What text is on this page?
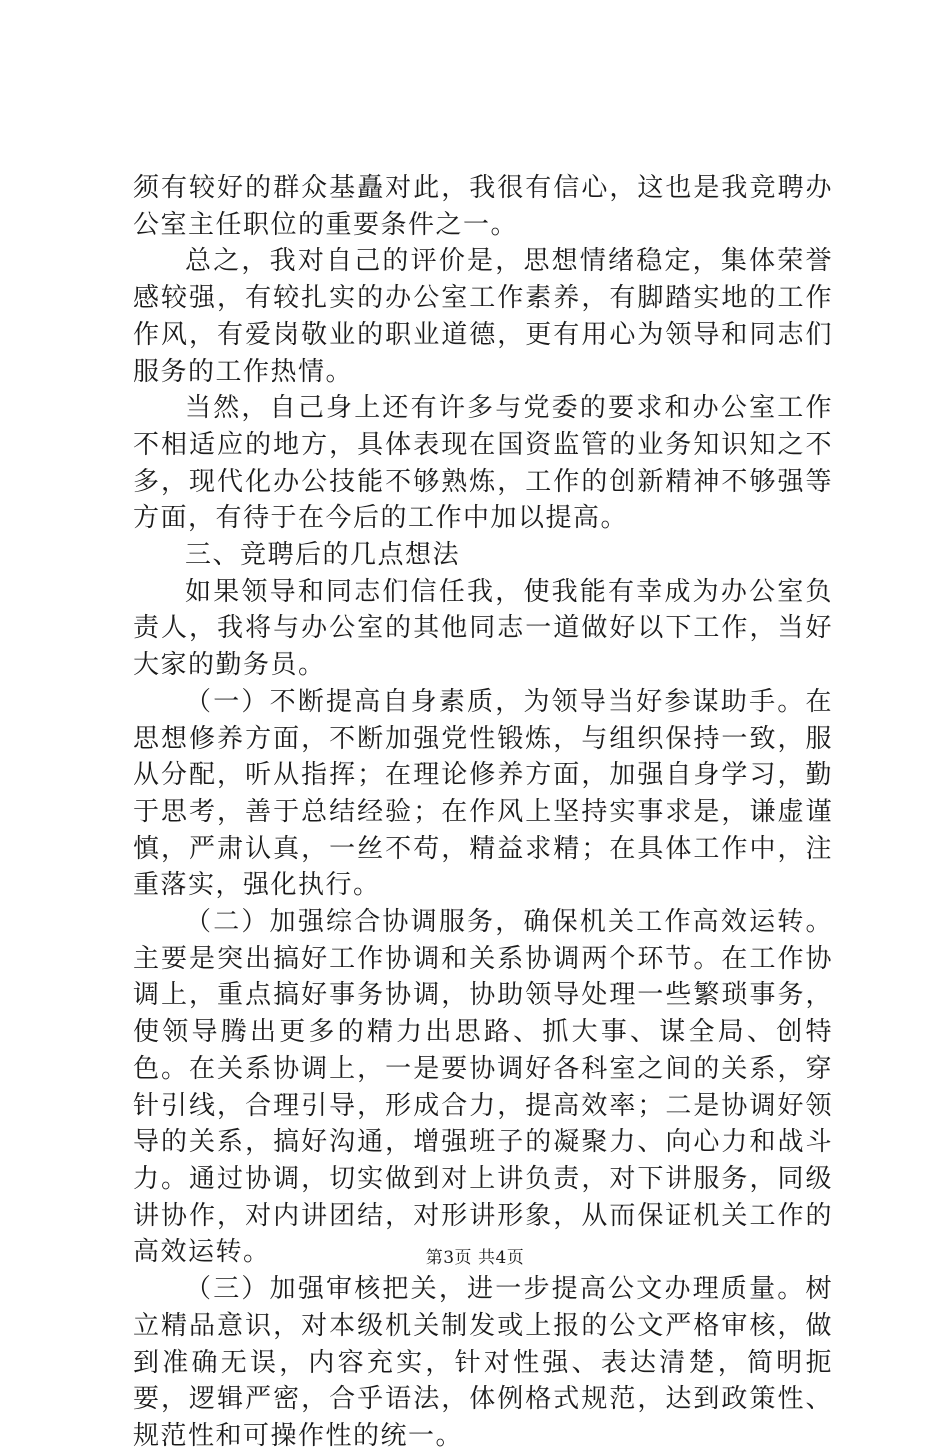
须有较好的群众基矗对此，我很有信心，这也是我竞聘办公室主任职位的重要条件之一。

总之，我对自己的评价是，思想情绪稳定，集体荣誉感较强，有较扎实的办公室工作素养，有脚踏实地的工作作风，有爱岗敬业的职业道德，更有用心为领导和同志们服务的工作热情。

当然，自己身上还有许多与党委的要求和办公室工作不相适应的地方，具体表现在国资监管的业务知识知之不多，现代化办公技能不够熟炼，工作的创新精神不够强等方面，有待于在今后的工作中加以提高。

三、竞聘后的几点想法

如果领导和同志们信任我，使我能有幸成为办公室负责人，我将与办公室的其他同志一道做好以下工作，当好大家的勤务员。

（一）不断提高自身素质，为领导当好参谋助手。在思想修养方面，不断加强党性锻炼，与组织保持一致，服从分配，听从指挥；在理论修养方面，加强自身学习，勤于思考，善于总结经验；在作风上坚持实事求是，谦虚谨慎，严肃认真，一丝不苟，精益求精；在具体工作中，注重落实，强化执行。

（二）加强综合协调服务，确保机关工作高效运转。主要是突出搞好工作协调和关系协调两个环节。在工作协调上，重点搞好事务协调，协助领导处理一些繁琐事务，使领导腾出更多的精力出思路、抓大事、谋全局、创特色。在关系协调上，一是要协调好各科室之间的关系，穿针引线，合理引导，形成合力，提高效率；二是协调好领导的关系，搞好沟通，增强班子的凝聚力、向心力和战斗力。通过协调，切实做到对上讲负责，对下讲服务，同级讲协作，对内讲团结，对形讲形象，从而保证机关工作的高效运转。

（三）加强审核把关，进一步提高公文办理质量。树立精品意识，对本级机关制发或上报的公文严格审核，做到准确无误，内容充实，针对性强、表达清楚，简明扼要，逻辑严密，合乎语法，体例格式规范，达到政策性、规范性和可操作性的统一。

第3页 共4页
